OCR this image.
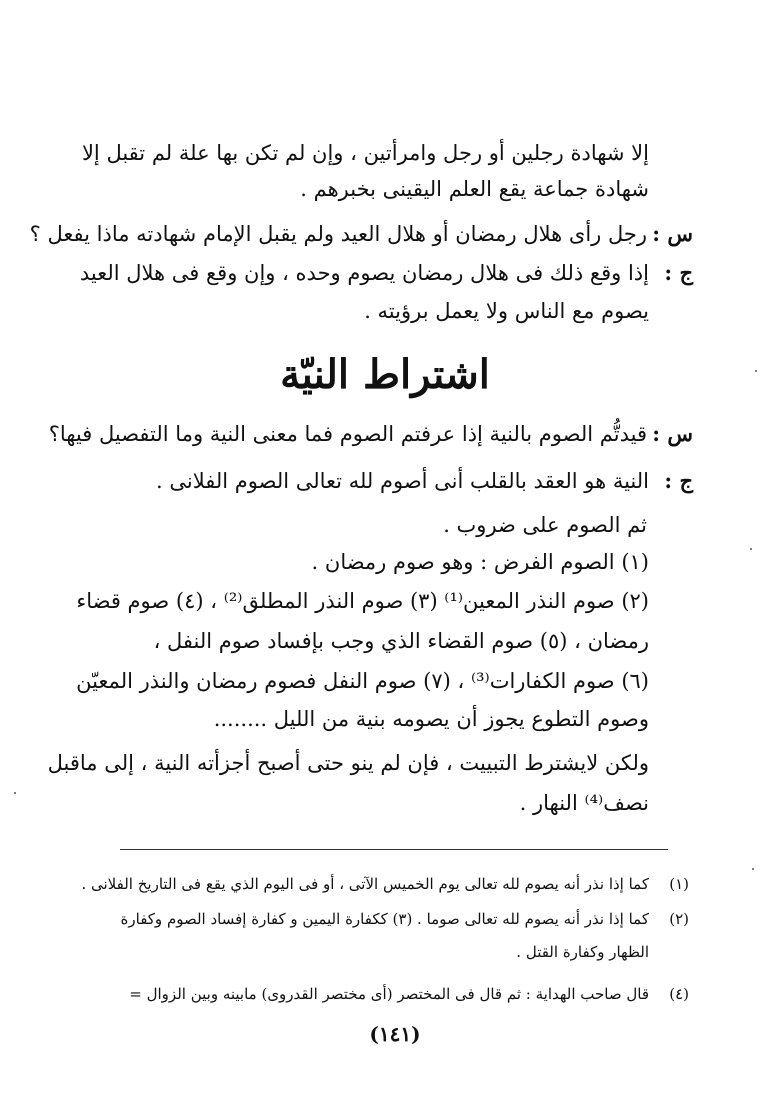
إلا شهادة رجلين أو رجل وامرأتين ، وإن لم تكن بها علة لم تقبل إلا
شهادة جماعة يقع العلم اليقينى بخبرهم .
س :
رجل رأى هلال رمضان أو هلال العيد ولم يقبل الإمام شهادته ماذا يفعل ؟
ج :
إذا وقع ذلك فى هلال رمضان يصوم وحده ، وإن وقع فى هلال العيد
يصوم مع الناس ولا يعمل برؤيته .
اشتراط النيّة
س :
قيدتُّم الصوم بالنية إذا عرفتم الصوم فما معنى النية وما التفصيل فيها؟
ج :
النية هو العقد بالقلب أنى أصوم لله تعالى الصوم الفلانى .
ثم الصوم على ضروب .
(١) الصوم الفرض : وهو صوم رمضان .
(٢) صوم النذر المعين⁽¹⁾ (٣) صوم النذر المطلق⁽²⁾ ، (٤) صوم قضاء
رمضان ، (٥) صوم القضاء الذي وجب بإفساد صوم النفل ،
(٦) صوم الكفارات⁽³⁾ ، (٧) صوم النفل فصوم رمضان والنذر المعيّن
وصوم التطوع يجوز أن يصومه بنية من الليل ........
ولكن لايشترط التبييت ، فإن لم ينو حتى أصبح أجزأته النية ، إلى ماقبل
نصف⁽⁴⁾ النهار .
(١)
كما إذا نذر أنه يصوم لله تعالى يوم الخميس الآتى ، أو فى اليوم الذي يقع فى التاريخ الفلانى .
(٢)
كما إذا نذر أنه يصوم لله تعالى صوما . (٣) ككفارة اليمين و كفارة إفساد الصوم وكفارة
الظهار وكفارة القتل .
(٤)
قال صاحب الهداية : ثم قال فى المختصر (أى مختصر القدروى) مابينه وبين الزوال =
(١٤١)
